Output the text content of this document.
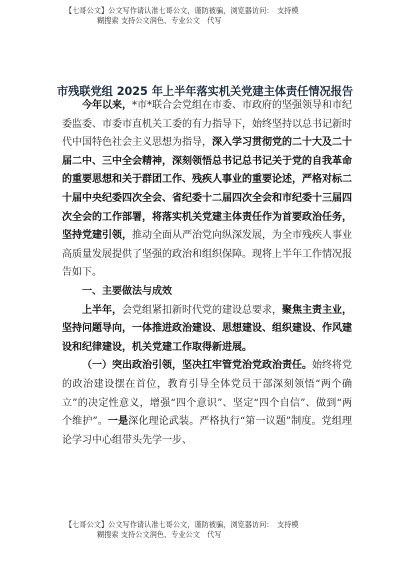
【七哥公文】公文写作请认准七哥公文，谨防被骗，浏览器访问：　支持模

糊搜索 支持公文润色、专业公文　代写

市残联党组 2025 年上半年落实机关党建主体责任情况报告

今年以来，*市*联合会党组在市委、市政府的坚强领导和市纪委监委、市委市直机关工委的有力指导下，始终坚持以总书记新时代中国特色社会主义思想为指导，深入学习贯彻党的二十大及二十届二中、三中全会精神，深刻领悟总书记总书记关于党的自我革命的重要思想和关于群团工作、残疾人事业的重要论述，严格对标二十届中央纪委四次全会、省纪委十二届四次全会和市纪委十三届四次全会的工作部署，将落实机关党建主体责任作为首要政治任务，坚持党建引领，推动全面从严治党向纵深发展，为全市残疾人事业高质量发展提供了坚强的政治和组织保障。现将上半年工作情况报告如下。

一、主要做法与成效

上半年，会党组紧扣新时代党的建设总要求，聚焦主责主业，坚持问题导向，一体推进政治建设、思想建设、组织建设、作风建设和纪律建设，机关党建工作取得新进展。

（一）突出政治引领，坚决扛牢管党治党政治责任。始终将党的政治建设摆在首位，教育引导全体党员干部深刻领悟“两个确立”的决定性意义，增强“四个意识”、坚定“四个自信”、做到“两个维护”。一是深化理论武装。严格执行“第一议题”制度。党组理论学习中心组带头先学一步、

【七哥公文】公文写作请认准七哥公文，谨防被骗，浏览器访问：　支持模

糊搜索 支持公文润色、专业公文　代写
